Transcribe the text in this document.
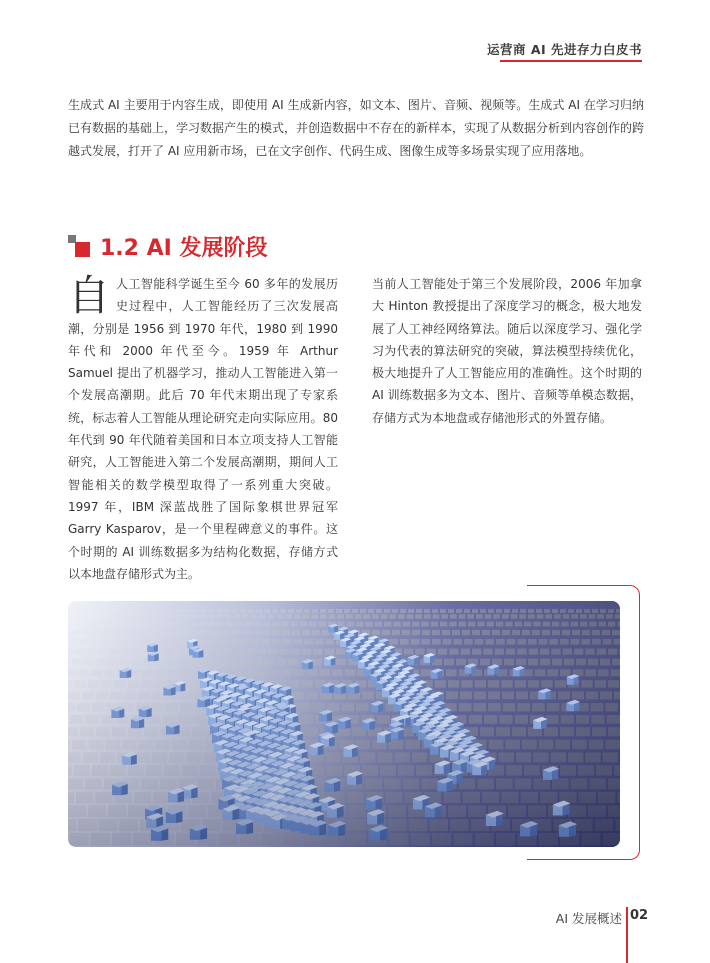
运营商 AI 先进存力白皮书

生成式 AI 主要用于内容生成，即使用 AI 生成新内容，如文本、图片、音频、视频等。生成式 AI 在学习归纳已有数据的基础上，学习数据产生的模式，并创造数据中不存在的新样本，实现了从数据分析到内容创作的跨越式发展，打开了 AI 应用新市场，已在文字创作、代码生成、图像生成等多场景实现了应用落地。

1.2 AI 发展阶段

自人工智能科学诞生至今 60 多年的发展历史过程中，人工智能经历了三次发展高潮，分别是 1956 到 1970 年代，1980 到 1990 年代和 2000 年代至今。1959 年 Arthur Samuel 提出了机器学习，推动人工智能进入第一个发展高潮期。此后 70 年代末期出现了专家系统，标志着人工智能从理论研究走向实际应用。80 年代到 90 年代随着美国和日本立项支持人工智能研究，人工智能进入第二个发展高潮期，期间人工智能相关的数学模型取得了一系列重大突破。1997 年，IBM 深蓝战胜了国际象棋世界冠军 Garry Kasparov，是一个里程碑意义的事件。这个时期的 AI 训练数据多为结构化数据，存储方式以本地盘存储形式为主。

当前人工智能处于第三个发展阶段，2006 年加拿大 Hinton 教授提出了深度学习的概念，极大地发展了人工神经网络算法。随后以深度学习、强化学习为代表的算法研究的突破，算法模型持续优化，极大地提升了人工智能应用的准确性。这个时期的 AI 训练数据多为文本、图片、音频等单模态数据，存储方式为本地盘或存储池形式的外置存储。

AI 发展概述 02
